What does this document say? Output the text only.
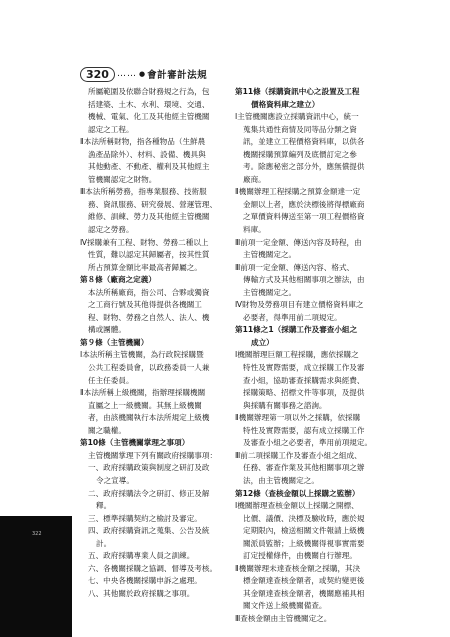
320 …… ● 會計審計法規
所屬範圍及依聯合財務規之行為，包
括建築、土木、水利、環境、交通、
機械、電氣、化工及其他經主管機關
認定之工程。
Ⅱ本法所稱財物，指各種物品（生鮮農
漁產品除外）、材料、設備、機具與
其他動產、不動產、權利及其他經主
管機關認定之財物。
Ⅲ本法所稱勞務，指專業服務、技術服
務、資訊服務、研究發展、營運管理、
維修、訓練、勞力及其他經主管機關
認定之勞務。
Ⅳ採購兼有工程、財物、勞務二種以上
性質，難以認定其歸屬者，按其性質
所占預算金額比率最高者歸屬之。
第８條（廠商之定義）
本法所稱廠商，指公司、合夥或獨資
之工商行號及其他得提供各機關工
程、財物、勞務之自然人、法人、機
構或團體。
第９條（主管機關）
Ⅰ本法所稱主管機關，為行政院採購暨
公共工程委員會，以政務委員一人兼
任主任委員。
Ⅱ本法所稱上級機關，指辦理採購機關
直屬之上一級機關。其無上級機關
者，由該機關執行本法所規定上級機
關之職權。
第10條（主管機關掌理之事項）
主管機關掌理下列有關政府採購事項：
一、政府採購政策與制度之研訂及政
令之宣導。
二、政府採購法令之研訂、修正及解
釋。
三、標準採購契約之檢討及審定。
四、政府採購資訊之蒐集、公告及統
計。
五、政府採購專業人員之訓練。
六、各機關採購之協調、督導及考核。
七、中央各機關採購申訴之處理。
八、其他關於政府採購之事項。
第11條（採購資訊中心之設置及工程
價格資料庫之建立）
Ⅰ主管機關應設立採購資訊中心，統一
蒐集共通性商情及同等品分類之資
訊，並建立工程價格資料庫，以供各
機關採購預算編列及底價訂定之參
考。除應秘密之部分外，應無償提供
廠商。
Ⅱ機關辦理工程採購之預算金額達一定
金額以上者，應於決標後將得標廠商
之單價資料傳送至第一項工程價格資
料庫。
Ⅲ前項一定金額、傳送內容及時程，由
主管機關定之。
Ⅲ前項一定金額、傳送內容、格式、
傳輸方式及其他相關事項之辦法，由
主管機關定之。
Ⅳ財物及勞務項目有建立價格資料庫之
必要者，得準用前二項規定。
第11條之1（採購工作及審查小組之
成立）
Ⅰ機關辦理巨額工程採購，應依採購之
特性及實際需要，成立採購工作及審
查小組，協助審查採購需求與經費、
採購策略、招標文件等事項，及提供
與採購有關事務之諮詢。
Ⅱ機關辦理第一項以外之採購，依採購
特性及實際需要，認有成立採購工作
及審查小組之必要者，準用前項規定。
Ⅲ前二項採購工作及審查小組之組成、
任務、審查作業及其他相關事項之辦
法，由主管機關定之。
第12條（查核金額以上採購之監辦）
Ⅰ機關辦理查核金額以上採購之開標、
比價、議價、決標及驗收時，應於規
定期限內，檢送相關文件報請上級機
關派員監辦；上級機關得視事實需要
訂定授權條件，由機關自行辦理。
Ⅱ機關辦理未達查核金額之採購，其決
標金額達查核金額者，或契約變更後
其金額達查核金額者，機關應補具相
關文件送上級機關備查。
Ⅲ查核金額由主管機關定之。
322
